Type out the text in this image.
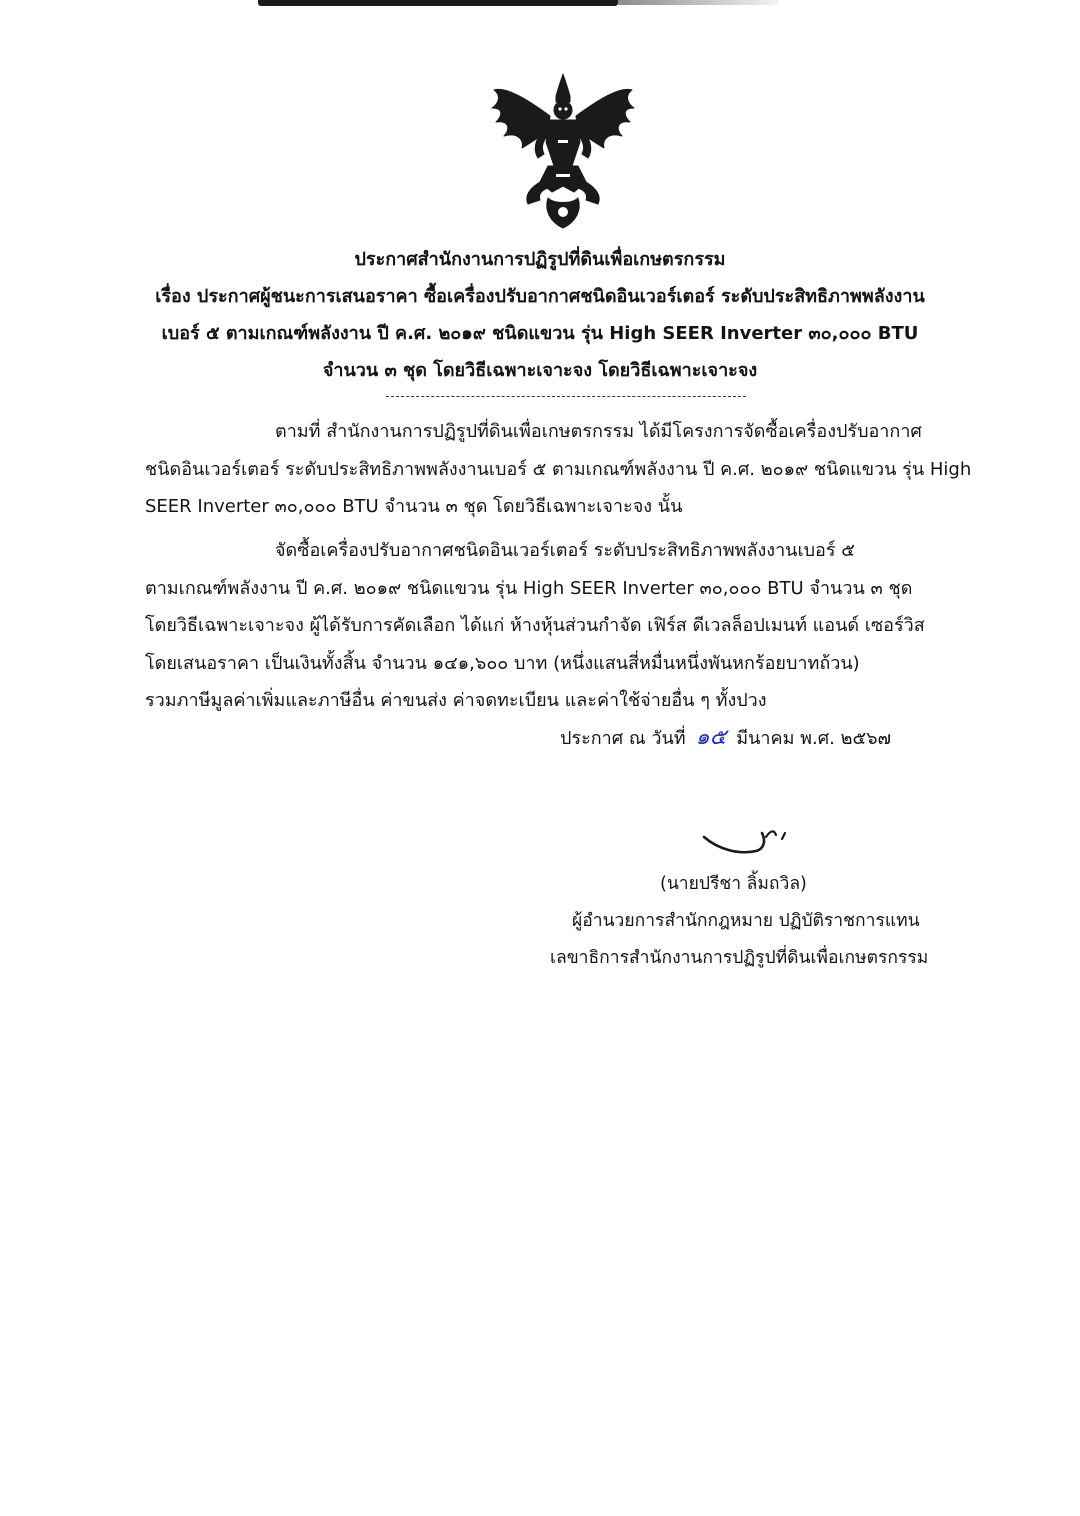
ประกาศสำนักงานการปฏิรูปที่ดินเพื่อเกษตรกรรม
เรื่อง ประกาศผู้ชนะการเสนอราคา ซื้อเครื่องปรับอากาศชนิดอินเวอร์เตอร์ ระดับประสิทธิภาพพลังงาน
เบอร์ ๕ ตามเกณฑ์พลังงาน ปี ค.ศ. ๒๐๑๙ ชนิดแขวน รุ่น High SEER Inverter ๓๐,๐๐๐ BTU
จำนวน ๓ ชุด โดยวิธีเฉพาะเจาะจง โดยวิธีเฉพาะเจาะจง
ตามที่ สำนักงานการปฏิรูปที่ดินเพื่อเกษตรกรรม ได้มีโครงการจัดซื้อเครื่องปรับอากาศ
ชนิดอินเวอร์เตอร์ ระดับประสิทธิภาพพลังงานเบอร์ ๕ ตามเกณฑ์พลังงาน ปี ค.ศ. ๒๐๑๙ ชนิดแขวน รุ่น High
SEER Inverter ๓๐,๐๐๐ BTU จำนวน ๓ ชุด โดยวิธีเฉพาะเจาะจง นั้น
จัดซื้อเครื่องปรับอากาศชนิดอินเวอร์เตอร์ ระดับประสิทธิภาพพลังงานเบอร์ ๕
ตามเกณฑ์พลังงาน ปี ค.ศ. ๒๐๑๙ ชนิดแขวน รุ่น High SEER Inverter ๓๐,๐๐๐ BTU จำนวน ๓ ชุด
โดยวิธีเฉพาะเจาะจง ผู้ได้รับการคัดเลือก ได้แก่ ห้างหุ้นส่วนกำจัด เฟิร์ส ดีเวลล็อปเมนท์ แอนด์ เซอร์วิส
โดยเสนอราคา เป็นเงินทั้งสิ้น จำนวน ๑๔๑,๖๐๐ บาท (หนึ่งแสนสี่หมื่นหนึ่งพันหกร้อยบาทถ้วน)
รวมภาษีมูลค่าเพิ่มและภาษีอื่น ค่าขนส่ง ค่าจดทะเบียน และค่าใช้จ่ายอื่น ๆ ทั้งปวง
ประกาศ ณ วันที่ ๑๕ มีนาคม พ.ศ. ๒๕๖๗
(นายปรีชา ลิ้มถวิล)
ผู้อำนวยการสำนักกฎหมาย ปฏิบัติราชการแทน
เลขาธิการสำนักงานการปฏิรูปที่ดินเพื่อเกษตรกรรม
